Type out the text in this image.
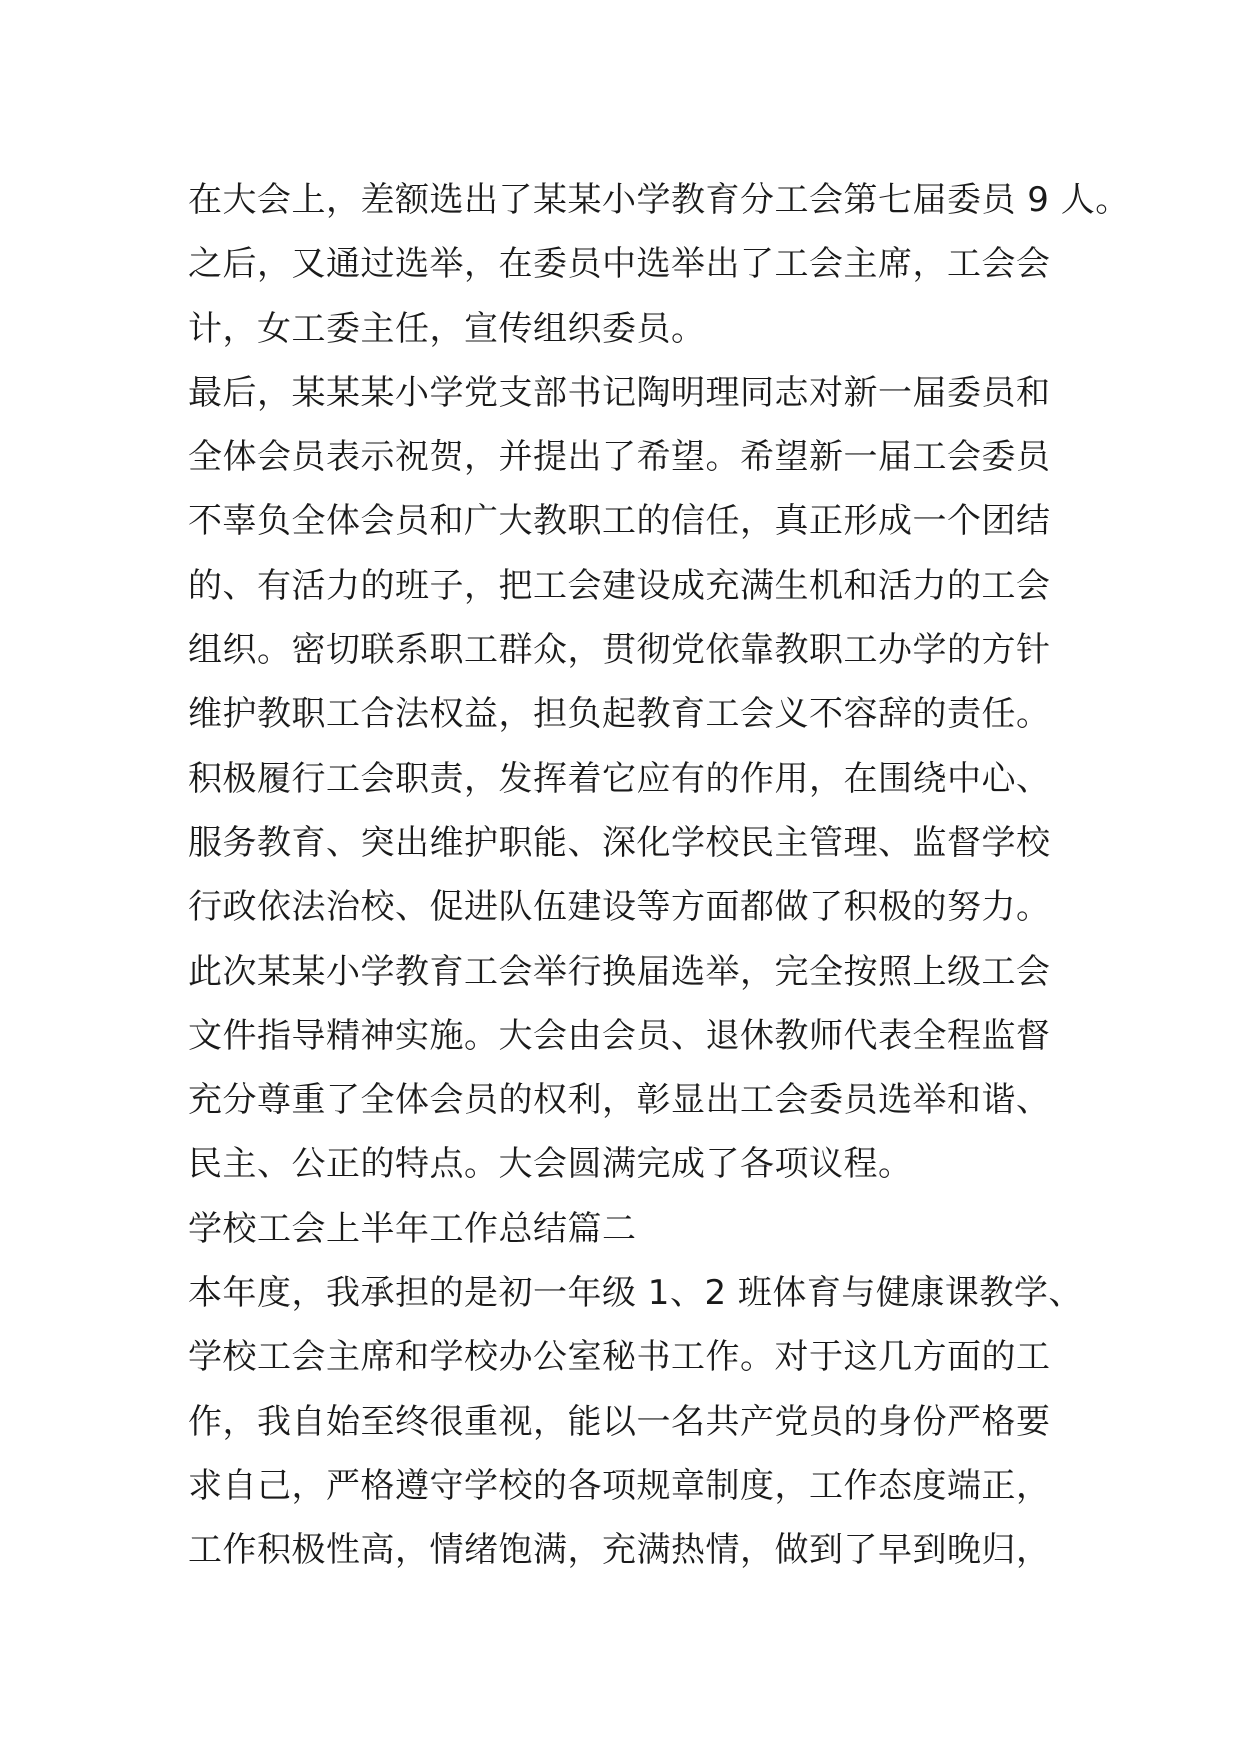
在大会上，差额选出了某某小学教育分工会第七届委员 9 人。
之后，又通过选举，在委员中选举出了工会主席，工会会
计，女工委主任，宣传组织委员。
最后，某某某小学党支部书记陶明理同志对新一届委员和
全体会员表示祝贺，并提出了希望。希望新一届工会委员
不辜负全体会员和广大教职工的信任，真正形成一个团结
的、有活力的班子，把工会建设成充满生机和活力的工会
组织。密切联系职工群众，贯彻党依靠教职工办学的方针
维护教职工合法权益，担负起教育工会义不容辞的责任。
积极履行工会职责，发挥着它应有的作用，在围绕中心、
服务教育、突出维护职能、深化学校民主管理、监督学校
行政依法治校、促进队伍建设等方面都做了积极的努力。
此次某某小学教育工会举行换届选举，完全按照上级工会
文件指导精神实施。大会由会员、退休教师代表全程监督
充分尊重了全体会员的权利，彰显出工会委员选举和谐、
民主、公正的特点。大会圆满完成了各项议程。
学校工会上半年工作总结篇二
本年度，我承担的是初一年级 1、2 班体育与健康课教学、
学校工会主席和学校办公室秘书工作。对于这几方面的工
作，我自始至终很重视，能以一名共产党员的身份严格要
求自己，严格遵守学校的各项规章制度，工作态度端正，
工作积极性高，情绪饱满，充满热情，做到了早到晚归，
